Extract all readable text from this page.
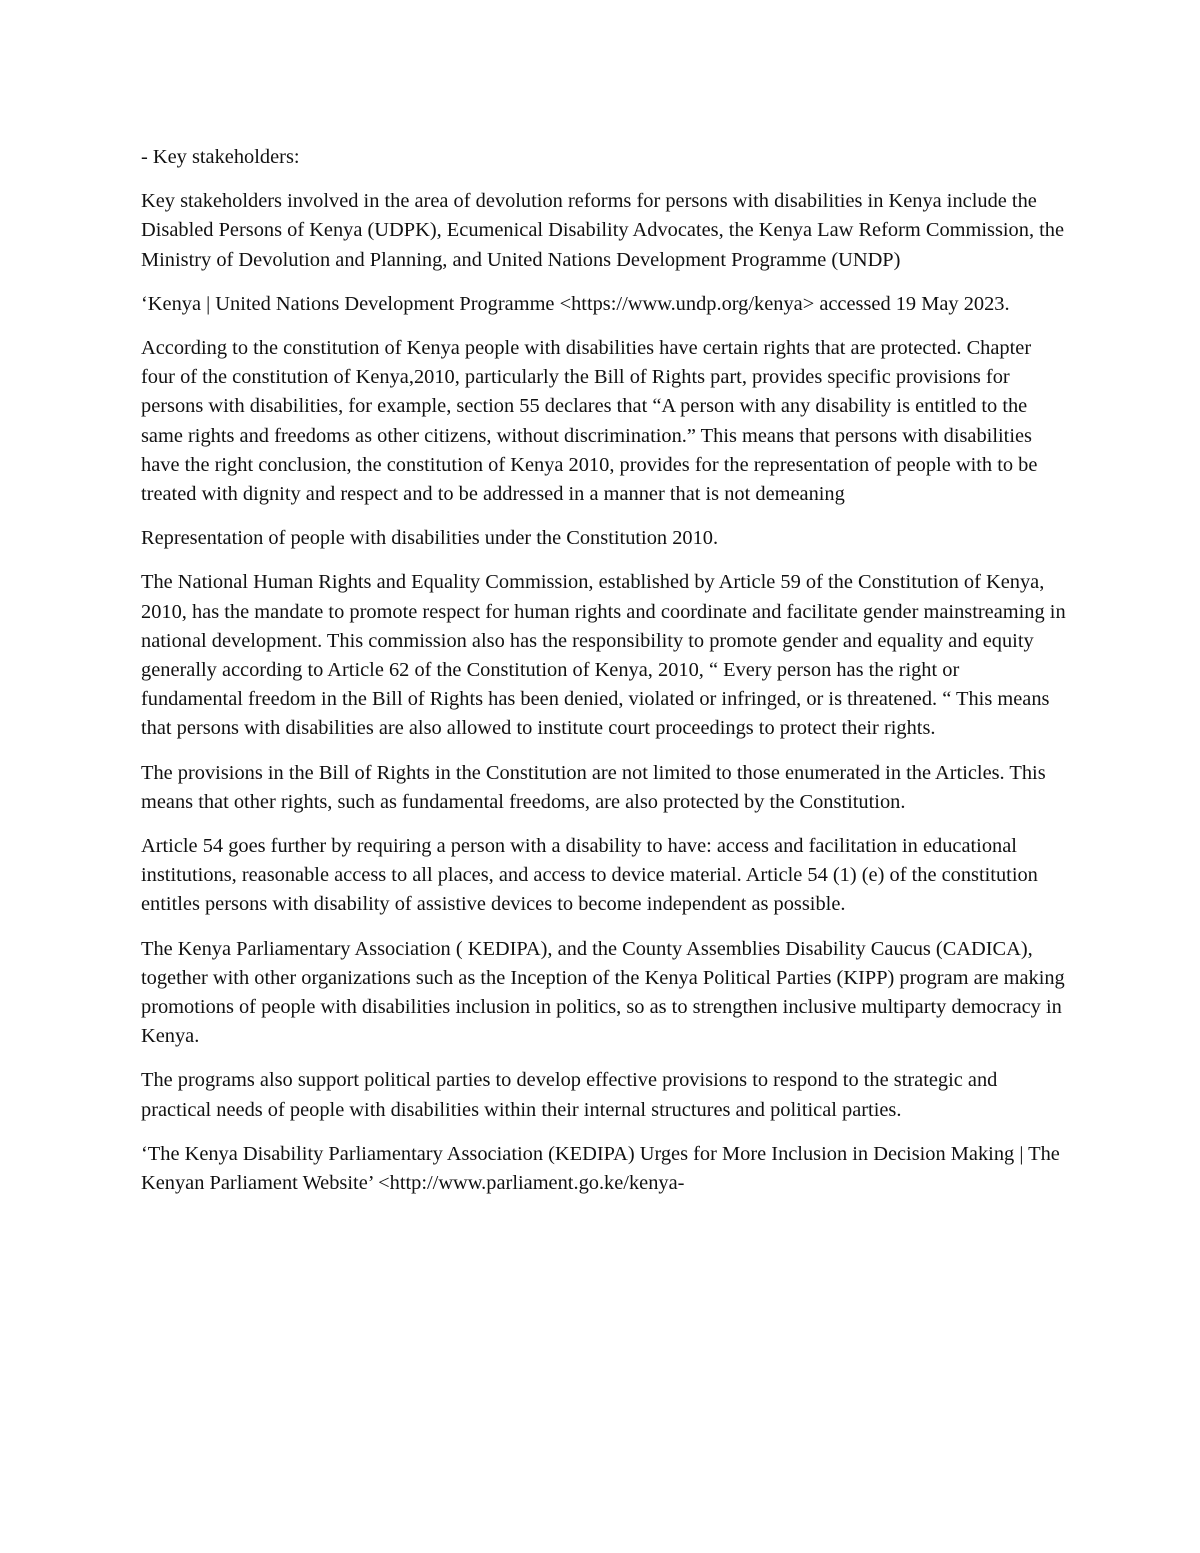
- Key stakeholders:

Key stakeholders involved in the area of devolution reforms for persons with disabilities in Kenya include the Disabled Persons of Kenya (UDPK), Ecumenical Disability Advocates, the Kenya Law Reform Commission, the Ministry of Devolution and Planning, and United Nations Development Programme (UNDP)

‘Kenya | United Nations Development Programme <https://www.undp.org/kenya> accessed 19 May 2023.

According to the constitution of Kenya people with disabilities have certain rights that are protected. Chapter four of the constitution of Kenya,2010, particularly the Bill of Rights part, provides specific provisions for persons with disabilities, for example, section 55 declares that “A person with any disability is entitled to the same rights and freedoms as other citizens, without discrimination.” This means that persons with disabilities have the right conclusion, the constitution of Kenya 2010, provides for the representation of people with to be treated with dignity and respect and to be addressed in a manner that is not demeaning

Representation of people with disabilities under the Constitution 2010.

The National Human Rights and Equality Commission, established by Article 59 of the Constitution of Kenya, 2010, has the mandate to promote respect for human rights and coordinate and facilitate gender mainstreaming in national development. This commission also has the responsibility to promote gender and equality and equity generally according to Article 62 of the Constitution of Kenya, 2010, “ Every person has the right or fundamental freedom in the Bill of Rights has been denied, violated or infringed, or is threatened. “ This means that persons with disabilities are also allowed to institute court proceedings to protect their rights.

The provisions in the Bill of Rights in the Constitution are not limited to those enumerated in the Articles. This means that other rights, such as fundamental freedoms, are also protected by the Constitution.

Article 54 goes further by requiring a person with a disability to have: access and facilitation in educational institutions, reasonable access to all places, and access to device material. Article 54 (1) (e) of the constitution entitles persons with disability of assistive devices to become independent as possible.

The Kenya Parliamentary Association ( KEDIPA), and the County Assemblies Disability Caucus (CADICA), together with other organizations such as the Inception of the Kenya Political Parties (KIPP) program are making promotions of people with disabilities inclusion in politics, so as to strengthen inclusive multiparty democracy in Kenya.

The programs also support political parties to develop effective provisions to respond to the strategic and practical needs of people with disabilities within their internal structures and political parties.

‘The Kenya Disability Parliamentary Association (KEDIPA) Urges for More Inclusion in Decision Making | The Kenyan Parliament Website’ <http://www.parliament.go.ke/kenya-
